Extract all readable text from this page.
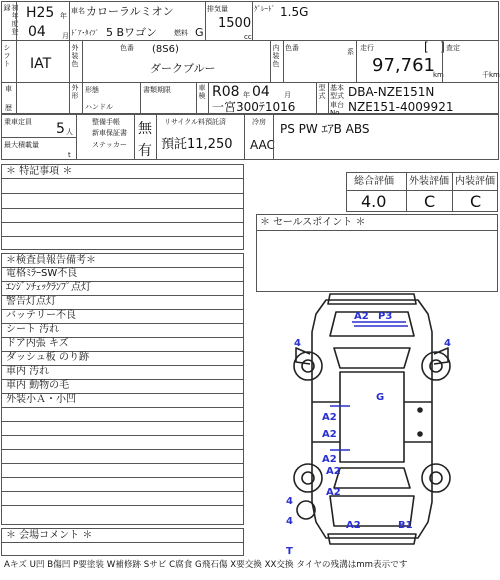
初年度登録	H25 年
04 月
車名 カローラルミオン
ﾄﾞｱ･ﾀｲﾌﾟ 5 Bワゴン 燃料 G
排気量
1500
cc
ｸﾞﾚｰﾄﾞ 1.5G
シフト IAT	外装色	色番 (8S6)
ダークブルー
内装色 色番	系 走行	[   ]
97,761
km
査定
千km
車
歴
外形 形態
ハンドル
書類期限	車検 R08 年 04 月
一宮300ﾃ1016
型式 基本型式 DBA-NZE151N
車台No. NZE151-4009921
乗車定員 5 人
最大積載量
t
整備手帳
新車保証書
ステッカー
無
有
リサイクル料預託済
預託11,250
冷房
AAC
PS PW ｴｱB ABS
＊ 特記事項 ＊
総合評価
4.0
外装評価
C
内装評価
C
＊ セールスポイント ＊
＊検査員報告備考＊
電格ﾐﾗｰSW不良
ｴﾝｼﾞﾝﾁｪｯｸﾗﾝﾌﾟ点灯
警告灯点灯
バッテリー不良
シート 汚れ
ドア内張 キズ
ダッシュ板 のり跡
車内 汚れ
車内 動物の毛
外装小Ａ・小凹
＊ 会場コメント ＊
Aキズ U凹 B傷凹 P要塗装 W補修跡 Sサビ C腐食 G飛石傷 X要交換 XX交換 タイヤの残溝はmm表示です
A2 P3
4	4
G
A2
A2
A2
A2
A2
4
4	A2	B1
T
